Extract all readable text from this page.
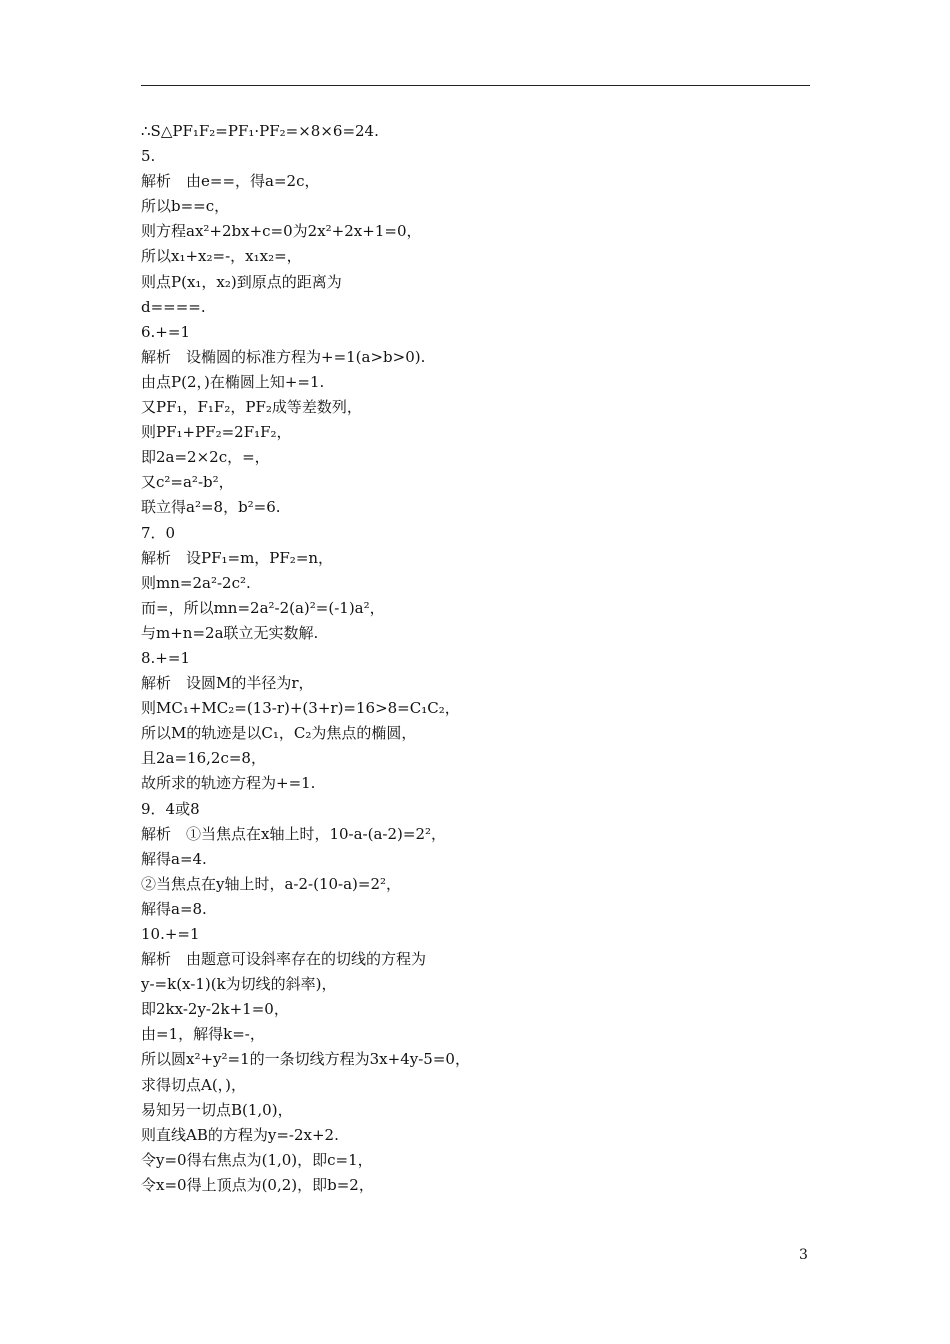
∴S△PF₁F₂=PF₁·PF₂=×8×6=24.
5.
解析　由e==，得a=2c，
所以b==c，
则方程ax²+2bx+c=0为2x²+2x+1=0，
所以x₁+x₂=-，x₁x₂=，
则点P(x₁，x₂)到原点的距离为
d====.
6.+=1
解析　设椭圆的标准方程为+=1(a>b>0).
由点P(2，)在椭圆上知+=1.
又PF₁，F₁F₂，PF₂成等差数列，
则PF₁+PF₂=2F₁F₂，
即2a=2×2c，=，
又c²=a²-b²，
联立得a²=8，b²=6.
7．0
解析　设PF₁=m，PF₂=n，
则mn=2a²-2c².
而=，所以mn=2a²-2(a)²=(-1)a²，
与m+n=2a联立无实数解.
8.+=1
解析　设圆M的半径为r，
则MC₁+MC₂=(13-r)+(3+r)=16>8=C₁C₂，
所以M的轨迹是以C₁，C₂为焦点的椭圆，
且2a=16,2c=8，
故所求的轨迹方程为+=1.
9．4或8
解析　①当焦点在x轴上时，10-a-(a-2)=2²，
解得a=4.
②当焦点在y轴上时，a-2-(10-a)=2²，
解得a=8.
10.+=1
解析　由题意可设斜率存在的切线的方程为
y-=k(x-1)(k为切线的斜率)，
即2kx-2y-2k+1=0，
由=1，解得k=-，
所以圆x²+y²=1的一条切线方程为3x+4y-5=0，
求得切点A(，)，
易知另一切点B(1,0)，
则直线AB的方程为y=-2x+2.
令y=0得右焦点为(1,0)，即c=1，
令x=0得上顶点为(0,2)，即b=2，
3
